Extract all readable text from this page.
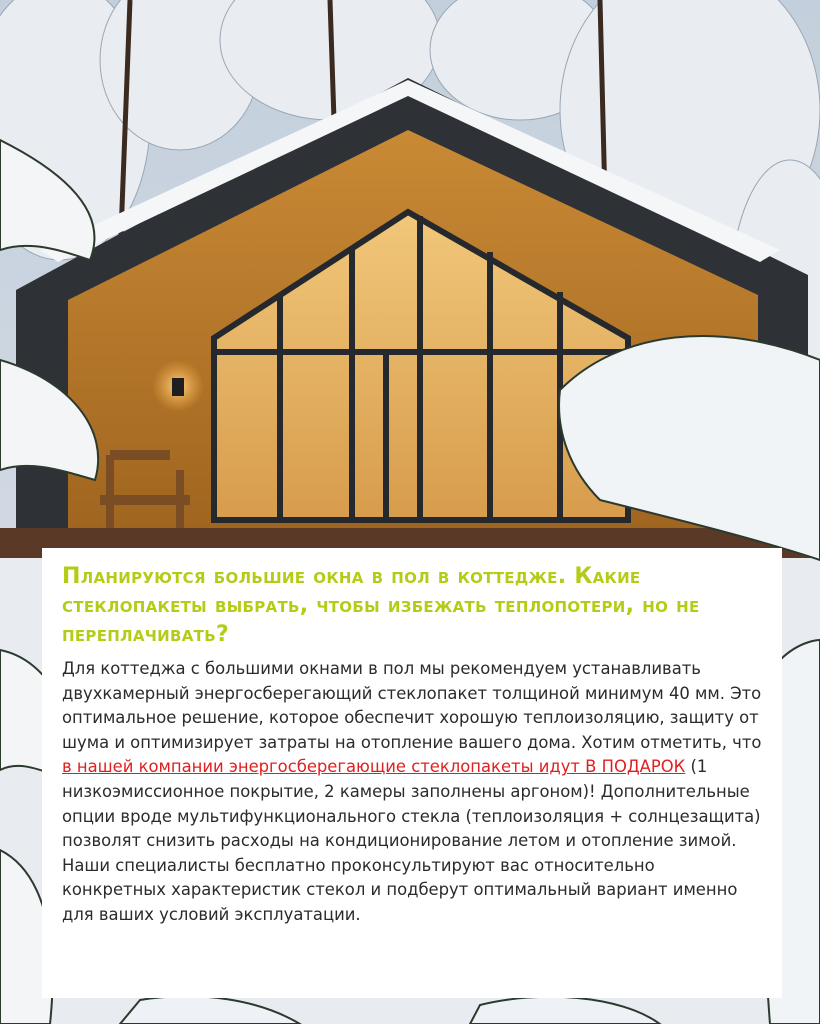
Планируются большие окна в пол в коттедже. Какие стеклопакеты выбрать, чтобы избежать теплопотери, но не переплачивать?

Для коттеджа с большими окнами в пол мы рекомендуем устанавливать двухкамерный энергосберегающий стеклопакет толщиной минимум 40 мм. Это оптимальное решение, которое обеспечит хорошую теплоизоляцию, защиту от шума и оптимизирует затраты на отопление вашего дома. Хотим отметить, что в нашей компании энергосберегающие стеклопакеты идут В ПОДАРОК (1 низкоэмиссионное покрытие, 2 камеры заполнены аргоном)! Дополнительные опции вроде мультифункционального стекла (теплоизоляция + солнцезащита) позволят снизить расходы на кондиционирование летом и отопление зимой. Наши специалисты бесплатно проконсультируют вас относительно конкретных характеристик стекол и подберут оптимальный вариант именно для ваших условий эксплуатации.
